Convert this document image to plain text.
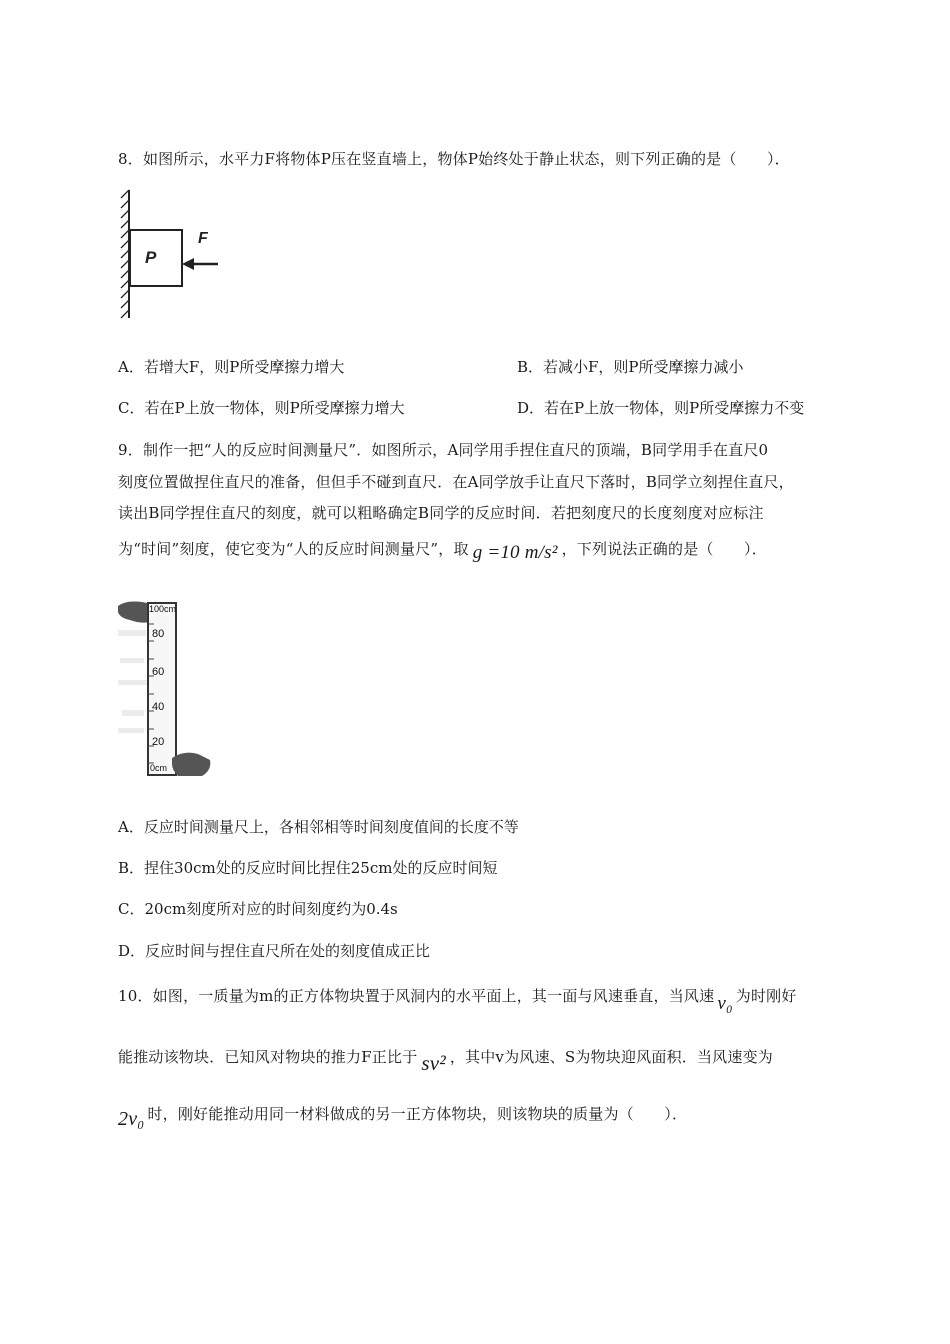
8．如图所示，水平力F将物体P压在竖直墙上，物体P始终处于静止状态，则下列正确的是（　　）．
P
F
A．若增大F，则P所受摩擦力增大	B．若减小F，则P所受摩擦力减小
C．若在P上放一物体，则P所受摩擦力增大	D．若在P上放一物体，则P所受摩擦力不变
9．制作一把“人的反应时间测量尺”．如图所示，A同学用手捏住直尺的顶端，B同学用手在直尺0
刻度位置做捏住直尺的准备，但但手不碰到直尺．在A同学放手让直尺下落时，B同学立刻捏住直尺，
读出B同学捏住直尺的刻度，就可以粗略确定B同学的反应时间．若把刻度尺的长度刻度对应标注
为“时间”刻度，使它变为“人的反应时间测量尺”，取 g =10 m/s² ，下列说法正确的是（　　）．
100cm
80
60
40
20
0cm
A．反应时间测量尺上，各相邻相等时间刻度值间的长度不等
B．捏住30cm处的反应时间比捏住25cm处的反应时间短
C．20cm刻度所对应的时间刻度约为0.4s
D．反应时间与捏住直尺所在处的刻度值成正比
10．如图，一质量为m的正方体物块置于风洞内的水平面上，其一面与风速垂直，当风速 v₀ 为时刚好
能推动该物块．已知风对物块的推力F正比于 sv² ，其中v为风速、S为物块迎风面积．当风速变为
2v₀ 时，刚好能推动用同一材料做成的另一正方体物块，则该物块的质量为（　　）．
